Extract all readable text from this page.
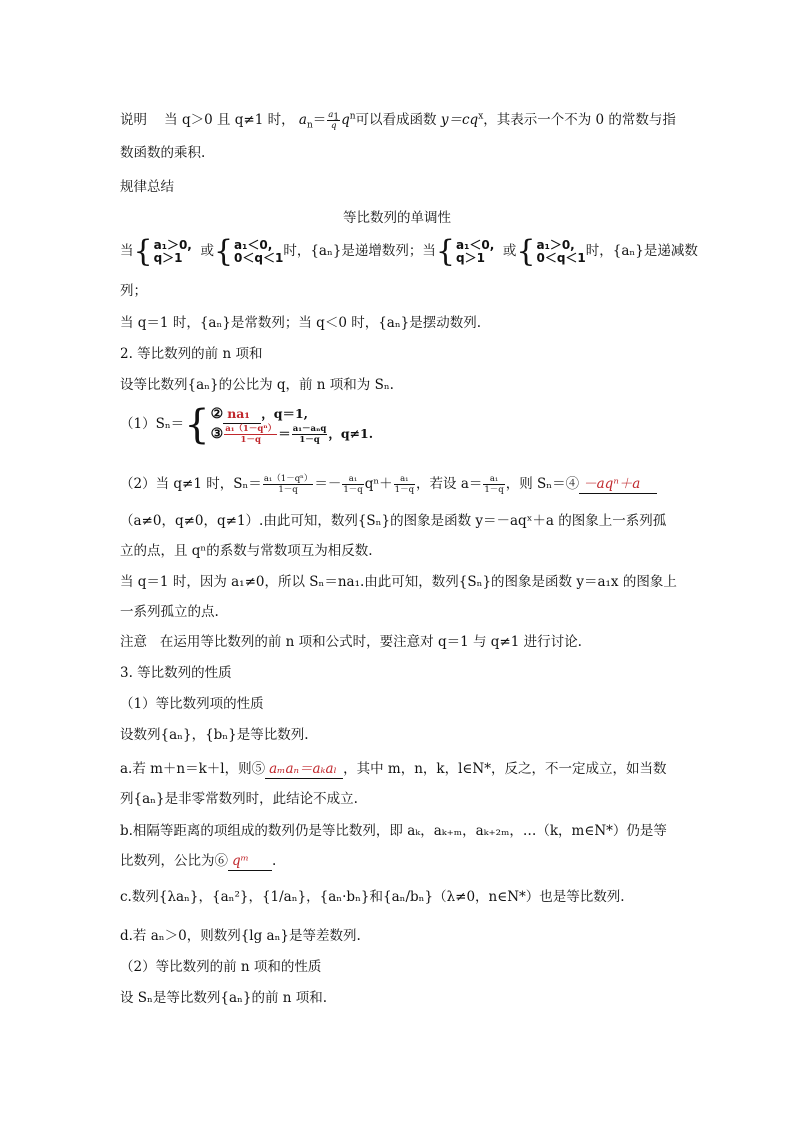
说明 当 q＞0 且 q≠1 时， $a_n= \frac{a_1}{q} q^n$可以看成函数 $y=cq^x$，其表示一个不为 0 的常数与指
数函数的乘积.
规律总结
等比数列的单调性
当{ a₁＞0,
q＞1	或{ a₁＜0,
0＜q＜1 时，{aₙ}是递增数列；当{ a₁＜0,
q＞1	或{ a₁＞0,
0＜q＜1 时，{aₙ}是递减数
列；
当 q＝1 时，{aₙ}是常数列；当 q＜0 时，{aₙ}是摆动数列.
2. 等比数列的前 n 项和
设等比数列{aₙ}的公比为 q，前 n 项和为 Sₙ.
（1）Sₙ＝{ ② na₁ ，q＝1,
③ $\frac{\text{a₁（1－qⁿ）}}{1-q} = \frac{\text{a₁－aₙq}}{1-q}$ ，q≠1.
（2）当 q≠1 时，$S_n= \frac{\text{a₁（1－qⁿ）}}{1-q} =- \frac{\text{a₁}}{1-q} q^n+ \frac{\text{a₁}}{1-q}$ ，若设 $a= \frac{\text{a₁}}{1-q}$ ，则 Sₙ＝④ －aqⁿ＋a
（a≠0，q≠0，q≠1）.由此可知，数列{Sₙ}的图象是函数 y＝－aqˣ＋a 的图象上一系列孤
立的点，且 qⁿ的系数与常数项互为相反数.
当 q＝1 时，因为 a₁≠0，所以 Sₙ＝na₁.由此可知，数列{Sₙ}的图象是函数 y＝a₁x 的图象上
一系列孤立的点.
注意 在运用等比数列的前 n 项和公式时，要注意对 q＝1 与 q≠1 进行讨论.
3. 等比数列的性质
（1）等比数列项的性质
设数列{aₙ}，{bₙ}是等比数列.
a.若 m＋n＝k＋l，则⑤ aₘaₙ＝aₖaₗ ，其中 m，n，k，l∈N*，反之，不一定成立，如当数
列{aₙ}是非零常数列时，此结论不成立.
b.相隔等距离的项组成的数列仍是等比数列，即 aₖ，aₖ₊ₘ，aₖ₊₂ₘ，…（k，m∈N*）仍是等
比数列，公比为⑥ qᵐ .
c.数列{λaₙ}，{aₙ²}，{1/aₙ}，{aₙ·bₙ}和{aₙ/bₙ}（λ≠0，n∈N*）也是等比数列.
d.若 aₙ＞0，则数列{lg aₙ}是等差数列.
（2）等比数列的前 n 项和的性质
设 Sₙ是等比数列{aₙ}的前 n 项和.
